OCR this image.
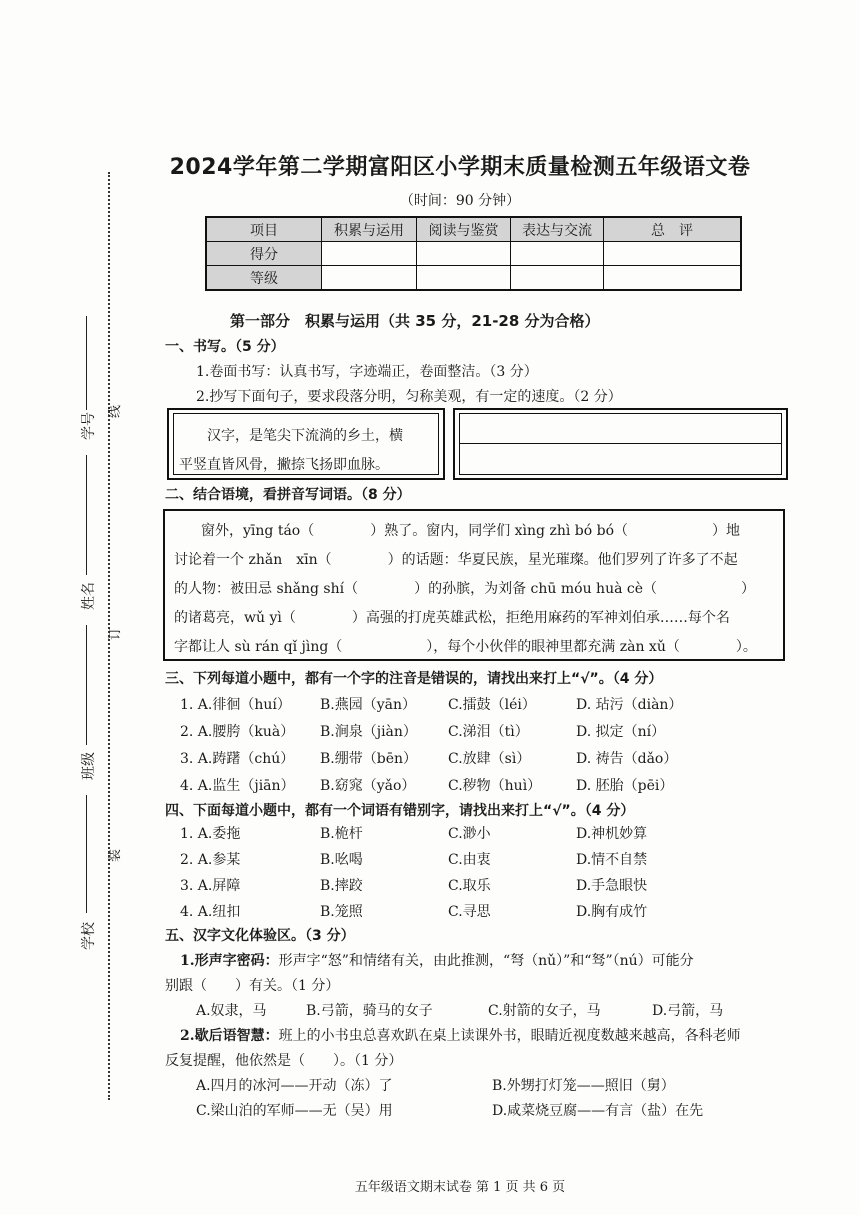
线
订
装
学号
姓名
班级
学校
2024学年第二学期富阳区小学期末质量检测五年级语文卷
（时间：90 分钟）
项目	积累与运用	阅读与鉴赏	表达与交流	总　评
得分				
等级				
第一部分　积累与运用（共 35 分，21-28 分为合格）
一、书写。（5 分）
1.卷面书写：认真书写，字迹端正，卷面整洁。（3 分）
2.抄写下面句子，要求段落分明，匀称美观，有一定的速度。（2 分）
汉字，是笔尖下流淌的乡土，横
平竖直皆风骨，撇捺飞扬即血脉。
二、结合语境，看拼音写词语。（8 分）
窗外，yīng táo（　　　　）熟了。窗内，同学们 xìng zhì bó bó（　　　　　　）地
讨论着一个 zhǎn　xīn（　　　　）的话题：华夏民族，星光璀璨。他们罗列了许多了不起
的人物：被田忌 shǎng shí（　　　　）的孙膑，为刘备 chū móu huà cè（　　　　　　）
的诸葛亮，wǔ yì（　　　　）高强的打虎英雄武松，拒绝用麻药的军神刘伯承……每个名
字都让人 sù rán qǐ jìng（　　　　　　），每个小伙伴的眼神里都充满 zàn xǔ（　　　　）。
三、下列每道小题中，都有一个字的注音是错误的，请找出来打上“√”。（4 分）
1. A.徘徊（huí）	B.燕园（yān）	C.擂鼓（léi）	D. 玷污（diàn）
2. A.腰胯（kuà）	B.涧泉（jiàn）	C.涕泪（tì）	D. 拟定（ní）
3. A.踌躇（chú）	B.绷带（bēn）	C.放肆（sì）	D. 祷告（dǎo）
4. A.监生（jiān）	B.窈窕（yǎo）	C.秽物（huì）	D. 胚胎（pēi）
四、下面每道小题中，都有一个词语有错别字，请找出来打上“√”。（4 分）
1. A.委拖	B.桅杆	C.渺小	D.神机妙算
2. A.参某	B.吆喝	C.由衷	D.情不自禁
3. A.屏障	B.摔跤	C.取乐	D.手急眼快
4. A.纽扣	B.笼照	C.寻思	D.胸有成竹
五、汉字文化体验区。（3 分）
1.形声字密码：形声字“怒”和情绪有关，由此推测，“弩（nǔ）”和“驽”（nú）可能分
别跟（　　）有关。（1 分）
A.奴隶，马	B.弓箭，骑马的女子	C.射箭的女子，马	D.弓箭，马
2.歇后语智慧：班上的小书虫总喜欢趴在桌上读课外书，眼睛近视度数越来越高，各科老师
反复提醒，他依然是（　　）。（1 分）
A.四月的冰河——开动（冻）了	B.外甥打灯笼——照旧（舅）
C.梁山泊的军师——无（吴）用	D.咸菜烧豆腐——有言（盐）在先
五年级语文期末试卷 第 1 页 共 6 页
